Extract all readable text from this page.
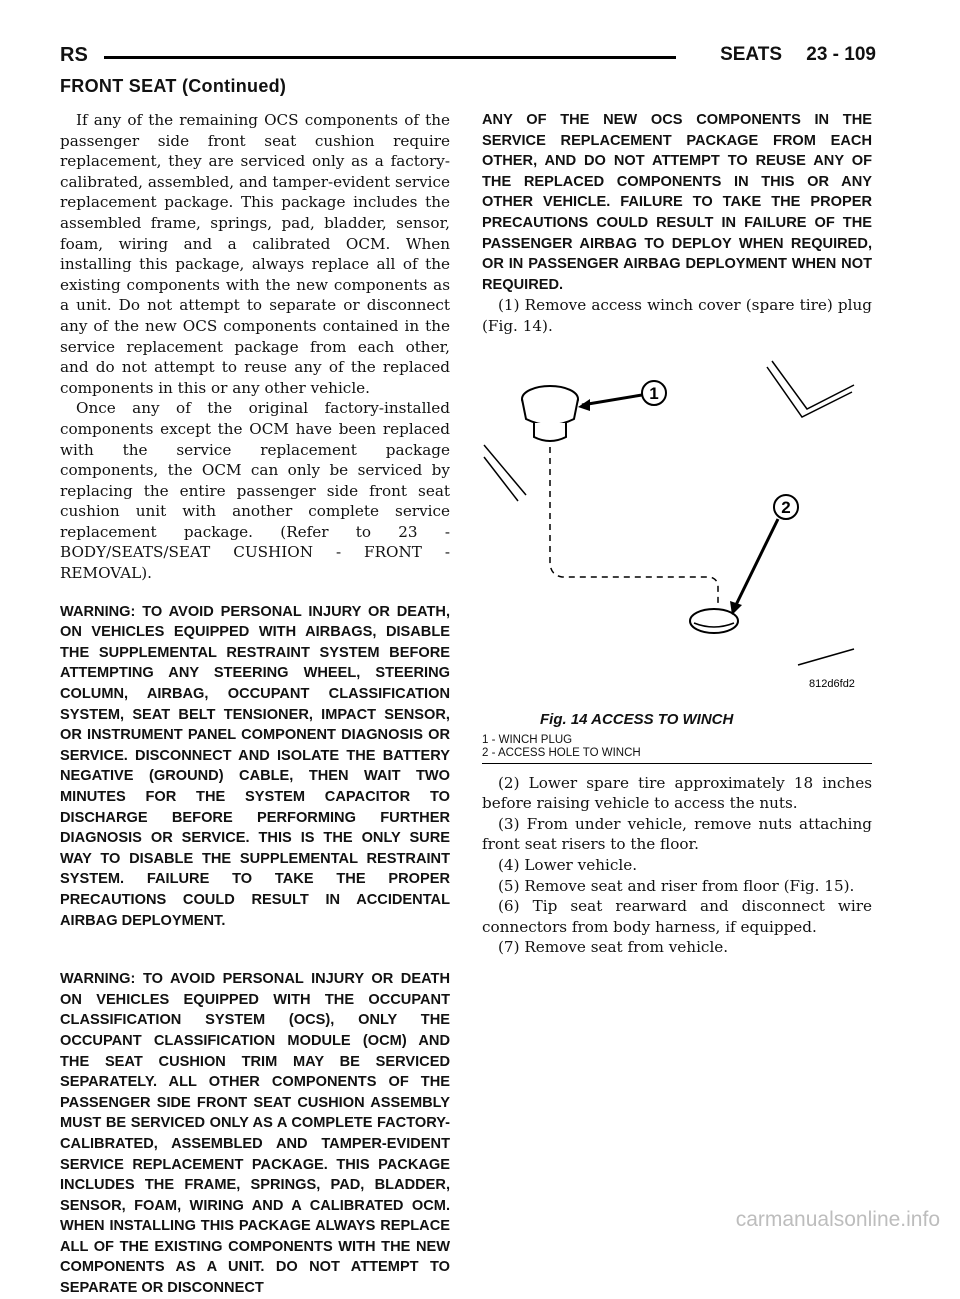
RS	SEATS 23 - 109
FRONT SEAT (Continued)

If any of the remaining OCS components of the passenger side front seat cushion require replacement, they are serviced only as a factory-calibrated, assembled, and tamper-evident service replacement package. This package includes the assembled frame, springs, pad, bladder, sensor, foam, wiring and a calibrated OCM. When installing this package, always replace all of the existing components with the new components as a unit. Do not attempt to separate or disconnect any of the new OCS components contained in the service replacement package from each other, and do not attempt to reuse any of the replaced components in this or any other vehicle.

Once any of the original factory-installed components except the OCM have been replaced with the service replacement package components, the OCM can only be serviced by replacing the entire passenger side front seat cushion unit with another complete service replacement package. (Refer to 23 - BODY/SEATS/SEAT CUSHION - FRONT - REMOVAL).

WARNING: TO AVOID PERSONAL INJURY OR DEATH, ON VEHICLES EQUIPPED WITH AIRBAGS, DISABLE THE SUPPLEMENTAL RESTRAINT SYSTEM BEFORE ATTEMPTING ANY STEERING WHEEL, STEERING COLUMN, AIRBAG, OCCUPANT CLASSIFICATION SYSTEM, SEAT BELT TENSIONER, IMPACT SENSOR, OR INSTRUMENT PANEL COMPONENT DIAGNOSIS OR SERVICE. DISCONNECT AND ISOLATE THE BATTERY NEGATIVE (GROUND) CABLE, THEN WAIT TWO MINUTES FOR THE SYSTEM CAPACITOR TO DISCHARGE BEFORE PERFORMING FURTHER DIAGNOSIS OR SERVICE. THIS IS THE ONLY SURE WAY TO DISABLE THE SUPPLEMENTAL RESTRAINT SYSTEM. FAILURE TO TAKE THE PROPER PRECAUTIONS COULD RESULT IN ACCIDENTAL AIRBAG DEPLOYMENT.

WARNING: TO AVOID PERSONAL INJURY OR DEATH ON VEHICLES EQUIPPED WITH THE OCCUPANT CLASSIFICATION SYSTEM (OCS), ONLY THE OCCUPANT CLASSIFICATION MODULE (OCM) AND THE SEAT CUSHION TRIM MAY BE SERVICED SEPARATELY. ALL OTHER COMPONENTS OF THE PASSENGER SIDE FRONT SEAT CUSHION ASSEMBLY MUST BE SERVICED ONLY AS A COMPLETE FACTORY-CALIBRATED, ASSEMBLED AND TAMPER-EVIDENT SERVICE REPLACEMENT PACKAGE. THIS PACKAGE INCLUDES THE FRAME, SPRINGS, PAD, BLADDER, SENSOR, FOAM, WIRING AND A CALIBRATED OCM. WHEN INSTALLING THIS PACKAGE ALWAYS REPLACE ALL OF THE EXISTING COMPONENTS WITH THE NEW COMPONENTS AS A UNIT. DO NOT ATTEMPT TO SEPARATE OR DISCONNECT

ANY OF THE NEW OCS COMPONENTS IN THE SERVICE REPLACEMENT PACKAGE FROM EACH OTHER, AND DO NOT ATTEMPT TO REUSE ANY OF THE REPLACED COMPONENTS IN THIS OR ANY OTHER VEHICLE. FAILURE TO TAKE THE PROPER PRECAUTIONS COULD RESULT IN FAILURE OF THE PASSENGER AIRBAG TO DEPLOY WHEN REQUIRED, OR IN PASSENGER AIRBAG DEPLOYMENT WHEN NOT REQUIRED.

(1) Remove access winch cover (spare tire) plug (Fig. 14).

1
2
812d6fd2
Fig. 14 ACCESS TO WINCH
1 - WINCH PLUG
2 - ACCESS HOLE TO WINCH

(2) Lower spare tire approximately 18 inches before raising vehicle to access the nuts.

(3) From under vehicle, remove nuts attaching front seat risers to the floor.

(4) Lower vehicle.

(5) Remove seat and riser from floor (Fig. 15).

(6) Tip seat rearward and disconnect wire connectors from body harness, if equipped.

(7) Remove seat from vehicle.

carmanualsonline.info
